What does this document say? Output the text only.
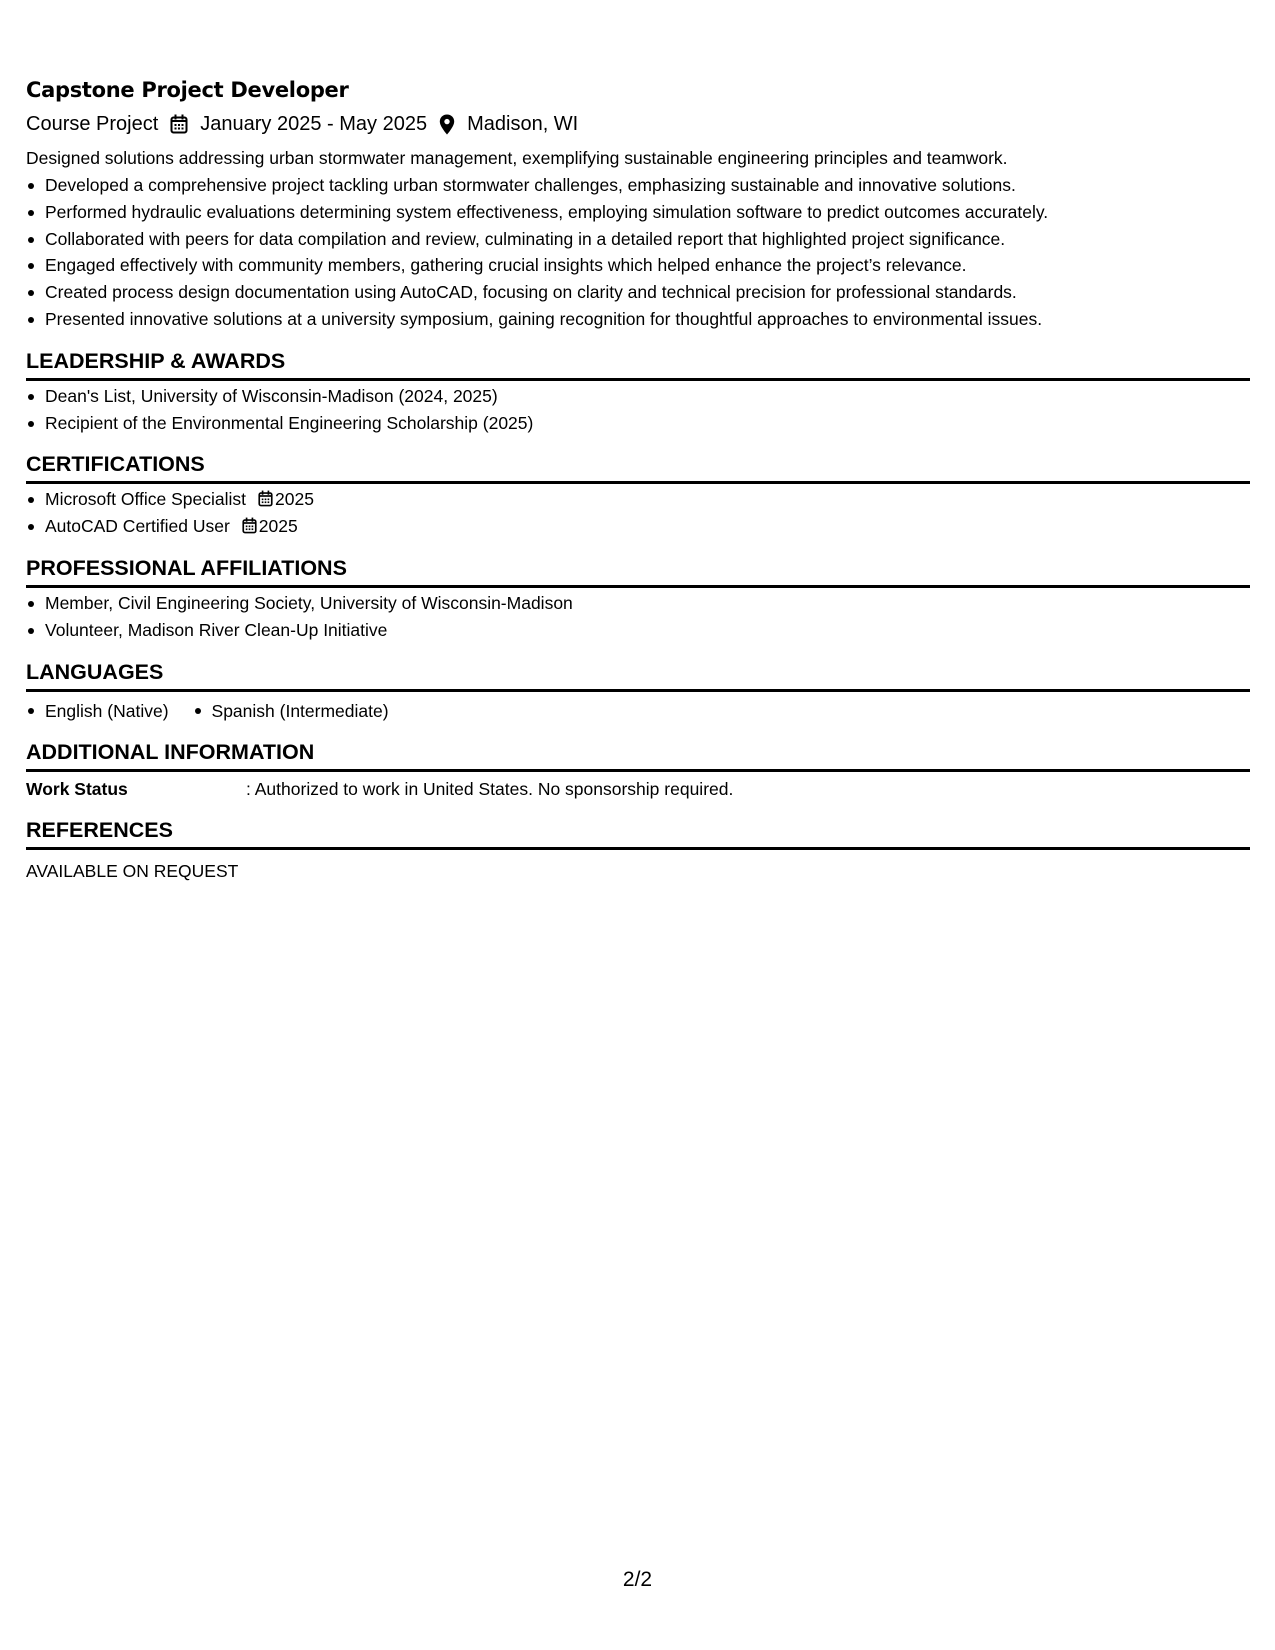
Capstone Project Developer
Course Project January 2025 - May 2025 Madison, WI
Designed solutions addressing urban stormwater management, exemplifying sustainable engineering principles and teamwork.
Developed a comprehensive project tackling urban stormwater challenges, emphasizing sustainable and innovative solutions.
Performed hydraulic evaluations determining system effectiveness, employing simulation software to predict outcomes accurately.
Collaborated with peers for data compilation and review, culminating in a detailed report that highlighted project significance.
Engaged effectively with community members, gathering crucial insights which helped enhance the project’s relevance.
Created process design documentation using AutoCAD, focusing on clarity and technical precision for professional standards.
Presented innovative solutions at a university symposium, gaining recognition for thoughtful approaches to environmental issues.
LEADERSHIP & AWARDS
Dean's List, University of Wisconsin-Madison (2024, 2025)
Recipient of the Environmental Engineering Scholarship (2025)
CERTIFICATIONS
Microsoft Office Specialist 2025
AutoCAD Certified User 2025
PROFESSIONAL AFFILIATIONS
Member, Civil Engineering Society, University of Wisconsin-Madison
Volunteer, Madison River Clean-Up Initiative
LANGUAGES
English (Native)	Spanish (Intermediate)
ADDITIONAL INFORMATION
Work Status	: Authorized to work in United States. No sponsorship required.
REFERENCES
AVAILABLE ON REQUEST
2/2
